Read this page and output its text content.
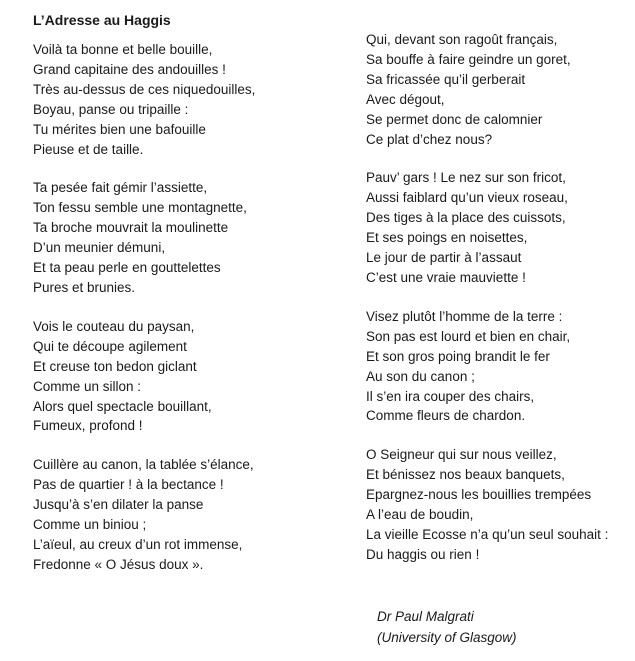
L’Adresse au Haggis
Voilà ta bonne et belle bouille,
Grand capitaine des andouilles !
Très au-dessus de ces niquedouilles,
Boyau, panse ou tripaille :
Tu mérites bien une bafouille
Pieuse et de taille.
Ta pesée fait gémir l’assiette,
Ton fessu semble une montagnette,
Ta broche mouvrait la moulinette
D’un meunier démuni,
Et ta peau perle en gouttelettes
Pures et brunies.
Vois le couteau du paysan,
Qui te découpe agilement
Et creuse ton bedon giclant
Comme un sillon :
Alors quel spectacle bouillant,
Fumeux, profond !
Cuillère au canon, la tablée s’élance,
Pas de quartier ! à la bectance !
Jusqu’à s’en dilater la panse
Comme un biniou ;
L’aïeul, au creux d’un rot immense,
Fredonne « O Jésus doux ».
Qui, devant son ragoût français,
Sa bouffe à faire geindre un goret,
Sa fricassée qu’il gerberait
Avec dégout,
Se permet donc de calomnier
Ce plat d’chez nous?
Pauv’ gars ! Le nez sur son fricot,
Aussi faiblard qu’un vieux roseau,
Des tiges à la place des cuissots,
Et ses poings en noisettes,
Le jour de partir à l’assaut
C’est une vraie mauviette !
Visez plutôt l’homme de la terre :
Son pas est lourd et bien en chair,
Et son gros poing brandit le fer
Au son du canon ;
Il s’en ira couper des chairs,
Comme fleurs de chardon.
O Seigneur qui sur nous veillez,
Et bénissez nos beaux banquets,
Epargnez-nous les bouillies trempées
A l’eau de boudin,
La vieille Ecosse n’a qu’un seul souhait :
Du haggis ou rien !
Dr Paul Malgrati
(University of Glasgow)
